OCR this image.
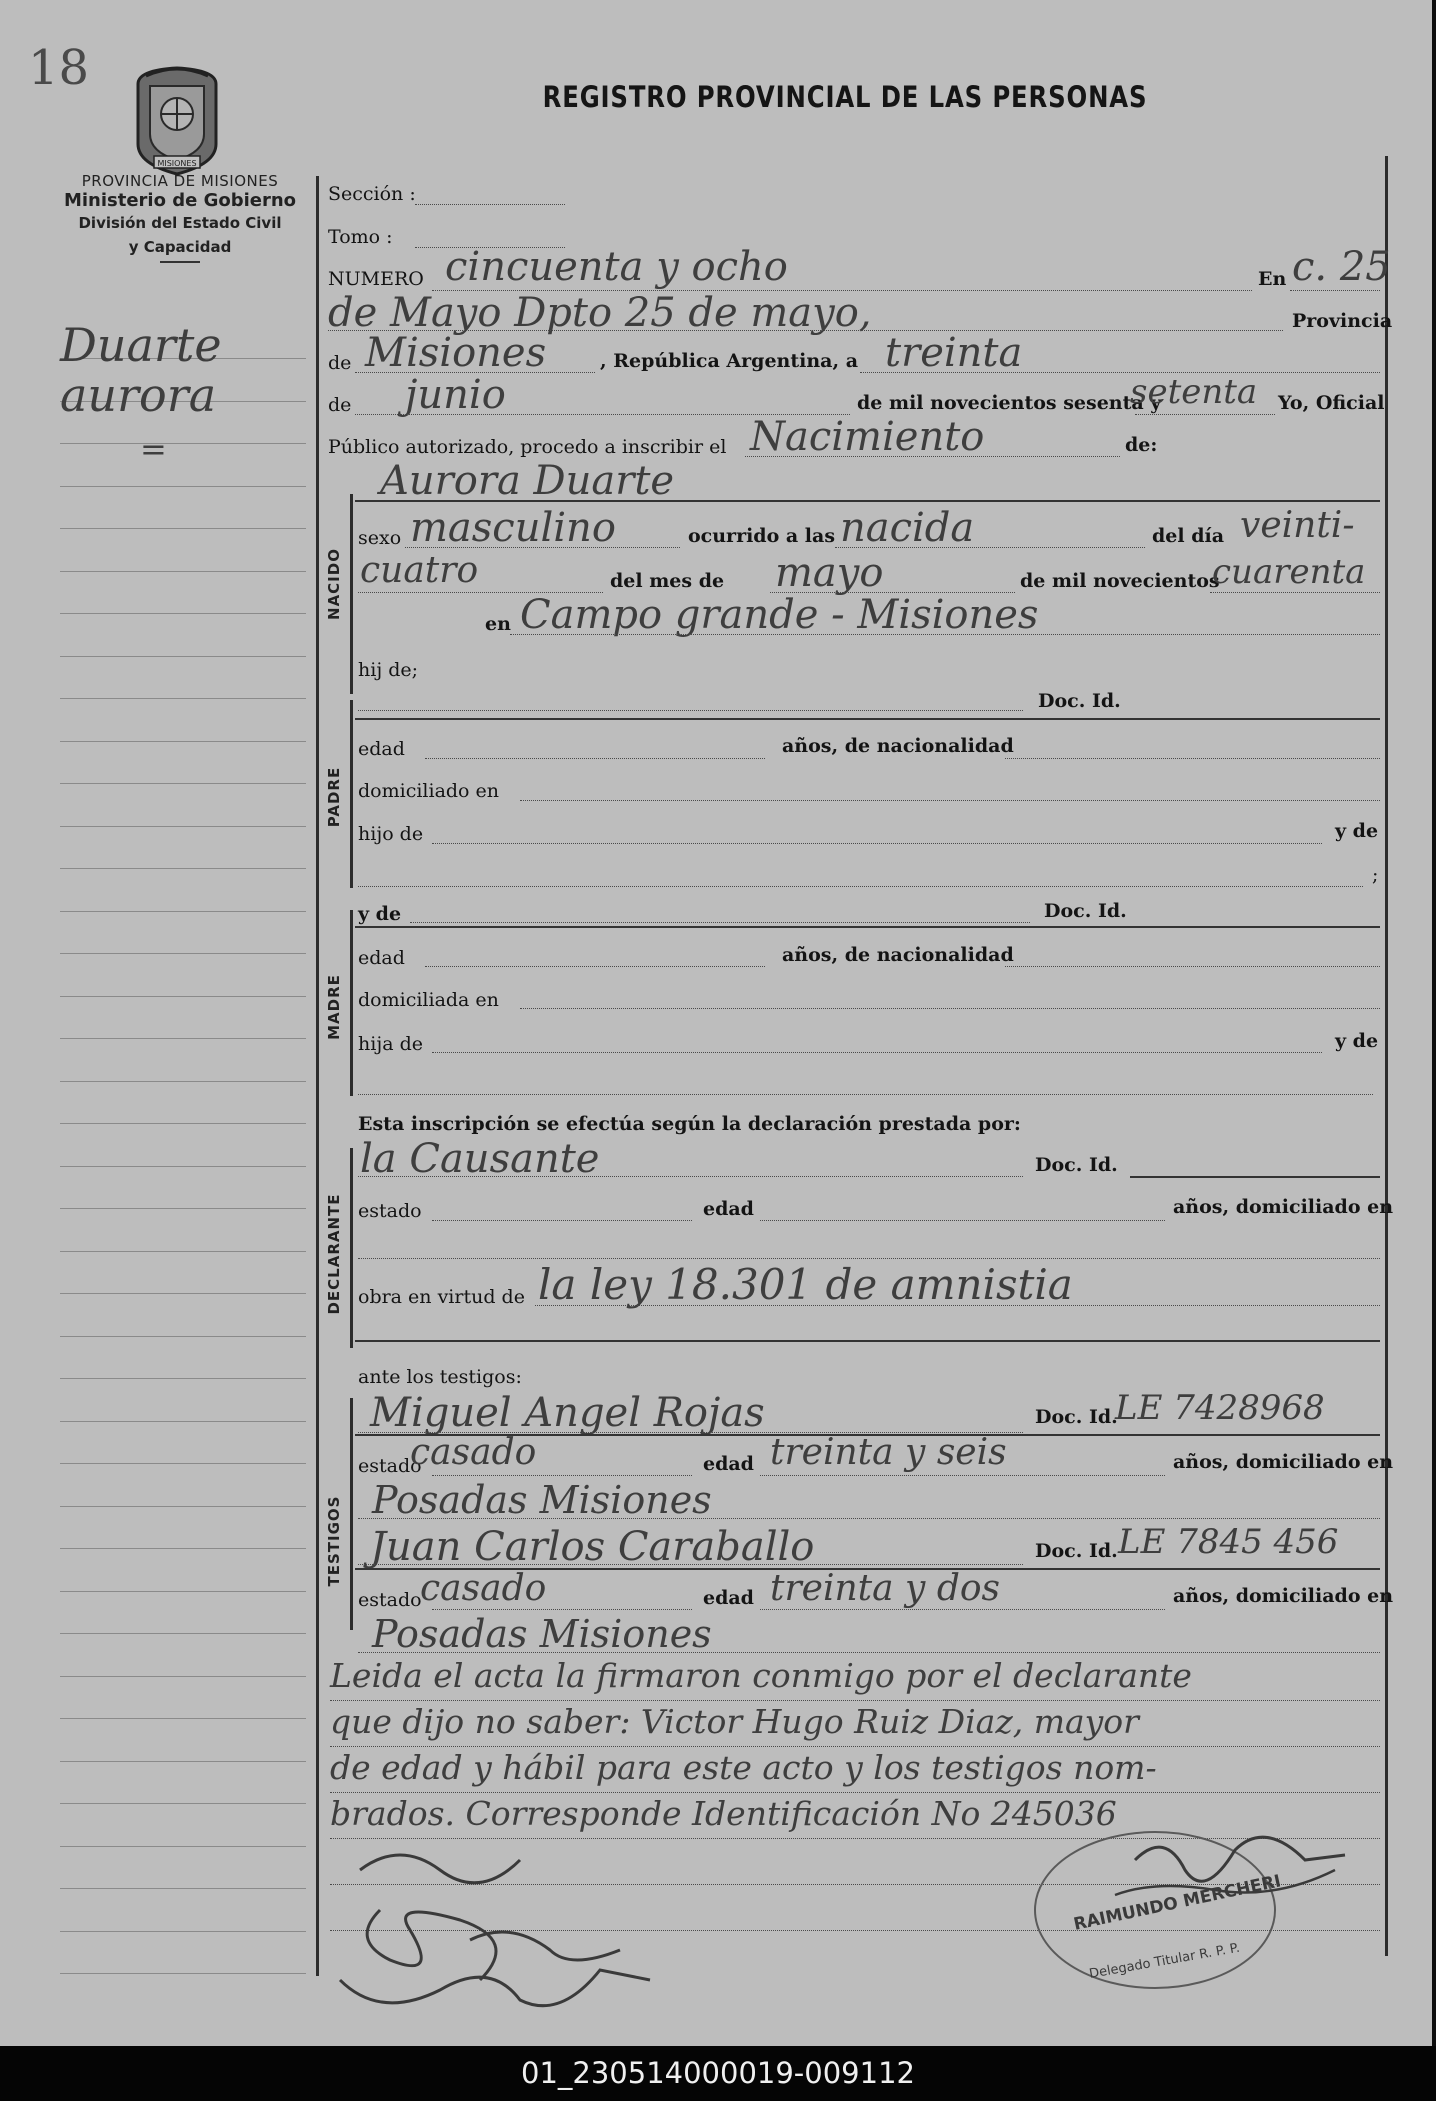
18
MISIONES
PROVINCIA DE MISIONES
Ministerio de Gobierno
División del Estado Civil
y Capacidad
REGISTRO PROVINCIAL DE LAS PERSONAS
Duarte
aurora
=
NACIDO
PADRE
MADRE
DECLARANTE
TESTIGOS
Sección :
Tomo :
NUMERO cincuenta y ocho	En c. 25
de Mayo Dpto 25 de mayo,	Provincia
de Misiones	, República Argentina, a treinta
de junio	de mil novecientos sesenta y
setenta Yo, Oficial
Público autorizado, procedo a inscribir el Nacimiento	de:
Aurora Duarte
sexo masculino	ocurrido a las nacida	del día veinti-
cuatro	del mes de mayo	de mil novecientos
cuarenta
en Campo grande - Misiones
hij de;
Doc. Id.
edad	años, de nacionalidad
domiciliado en
hijo de	y de
;
y de	Doc. Id.
edad	años, de nacionalidad
domiciliada en
hija de	y de
Esta inscripción se efectúa según la declaración prestada por:
la Causante	Doc. Id.
estado	edad	años, domiciliado en
obra en virtud de la ley 18.301 de amnistia
ante los testigos:
Miguel Angel Rojas	Doc. Id.
LE 7428968
estado
casado	edad treinta y seis	años, domiciliado en
Posadas Misiones
Juan Carlos Caraballo	Doc. Id. LE 7845 456
estado
casado	edad treinta y dos	años, domiciliado en
Posadas Misiones
Leida el acta la firmaron conmigo por el declarante
que dijo no saber: Victor Hugo Ruiz Diaz, mayor
de edad y hábil para este acto y los testigos nom-
brados. Corresponde Identificación No 245036
RAIMUNDO MERCHERI
Delegado Titular R. P. P.
01_230514000019-009112
